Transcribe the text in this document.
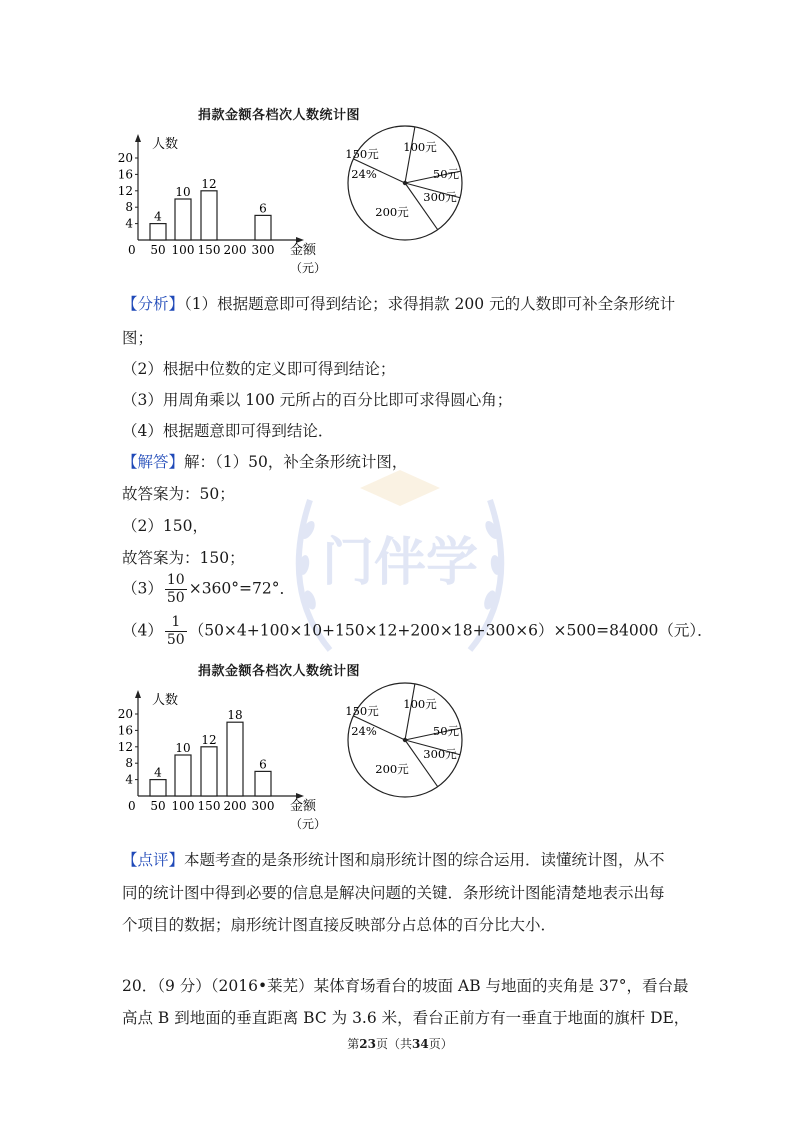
门伴学
捐款金额各档次人数统计图
人数
20
16
12
8
4
0 50
4
100
10
150
12
200 300
6
金额
（元）
150元
24%
100元
50元
300元
200元
【分析】（1）根据题意即可得到结论；求得捐款 200 元的人数即可补全条形统计
图；
（2）根据中位数的定义即可得到结论；
（3）用周角乘以 100 元所占的百分比即可求得圆心角；
（4）根据题意即可得到结论．
【解答】解：（1）50，补全条形统计图，
故答案为：50；
（2）150，
故答案为：150；
$(3) \frac{10}{50} \times 360^\circ=72^\circ$．
$(4) \frac{1}{50} (50\times 4+100\times 10+150\times 12+200\times 18+300\times 6)\times 500=84000$（元）．
捐款金额各档次人数统计图
人数
20
16
12
8
4
0 50
4
100
10
150
12
200
18
300
6
金额
（元）
150元
24%
100元
50元
300元
200元
【点评】本题考查的是条形统计图和扇形统计图的综合运用．读懂统计图，从不
同的统计图中得到必要的信息是解决问题的关键．条形统计图能清楚地表示出每
个项目的数据；扇形统计图直接反映部分占总体的百分比大小．
20．（9 分）（2016•莱芜）某体育场看台的坡面 AB 与地面的夹角是 37°，看台最
高点 B 到地面的垂直距离 BC 为 3.6 米，看台正前方有一垂直于地面的旗杆 DE，
第23页（共34页）
